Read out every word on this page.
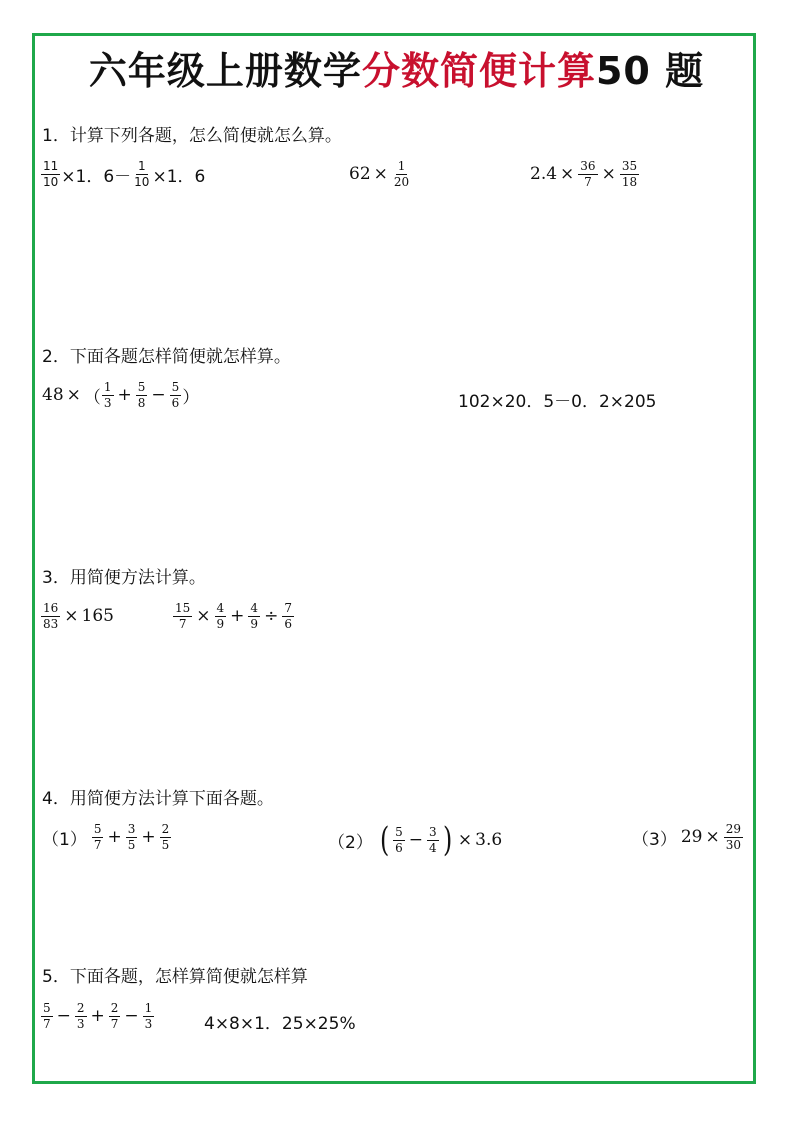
六年级上册数学分数简便计算50 题
1．计算下列各题，怎么简便就怎么算。
$\frac{11}{10} \times 1$．$6- \frac{1}{10} \times 1$．6	$62 \times \frac{1}{20}$	$2.4 \times \frac{36}{7} \times \frac{35}{18}$
2．下面各题怎样简便就怎样算。
48 × （ $\frac{1}{3} + \frac{5}{8} - \frac{5}{6}$ ）	102×20．5－0．2×205
3．用简便方法计算。
$\frac{16}{83} \times 165$	$\frac{15}{7} \times \frac{4}{9} + \frac{4}{9} \div \frac{7}{6}$
4．用简便方法计算下面各题。
$(1) \frac{5}{7} + \frac{3}{5} + \frac{2}{5}$	（2） ( $\frac{5}{6} - \frac{3}{4}$ ) × 3.6	（3） $29 \times \frac{29}{30}$
5．下面各题，怎样算简便就怎样算
$\frac{5}{7} - \frac{2}{3} + \frac{2}{7} - \frac{1}{3}$	4×8×1．25×25%
